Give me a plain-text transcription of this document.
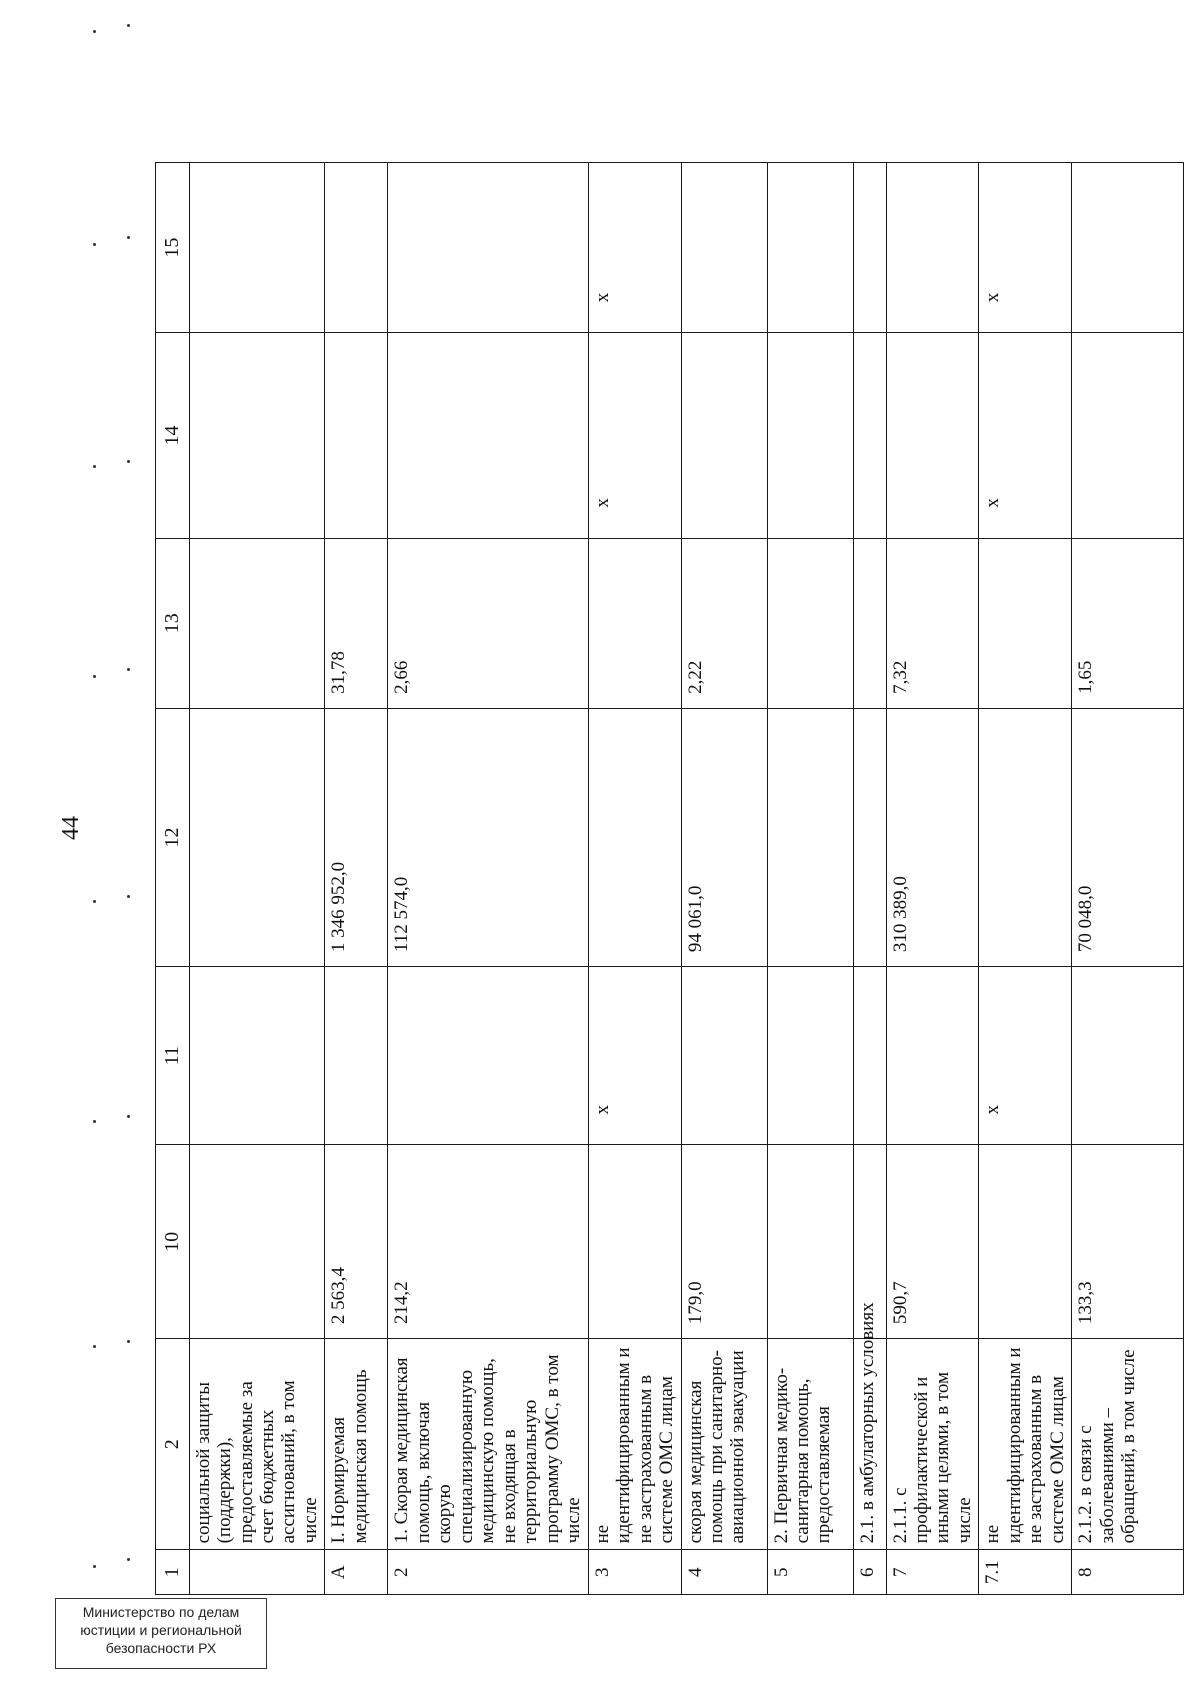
44
1	2	10	11	12	13	14	15
	социальной защиты (поддержки), предоставляемые за счет бюджетных ассигнований, в том числе						
А	I. Нормируемая медицинская помощь	2 563,4		1 346 952,0	31,78		
2	1. Скорая медицинская помощь, включая скорую специализированную медицинскую помощь, не входящая в территориальную программу ОМС, в том числе	214,2		112 574,0	2,66		
3	не идентифицированным и не застрахованным в системе ОМС лицам		х			х	х
4	скорая медицинская помощь при санитарно-авиационной эвакуации	179,0		94 061,0	2,22		
5	2. Первичная медико-санитарная помощь, предоставляемая						
6	2.1. в амбулаторных условиях						
7	2.1.1. с профилактической и иными целями, в том числе	590,7		310 389,0	7,32		
7.1	не идентифицированным и не застрахованным в системе ОМС лицам		х			х	х
8	2.1.2. в связи с заболеваниями – обращений, в том числе	133,3		70 048,0	1,65		
Министерство по делам
юстиции и региональной
безопасности РХ
